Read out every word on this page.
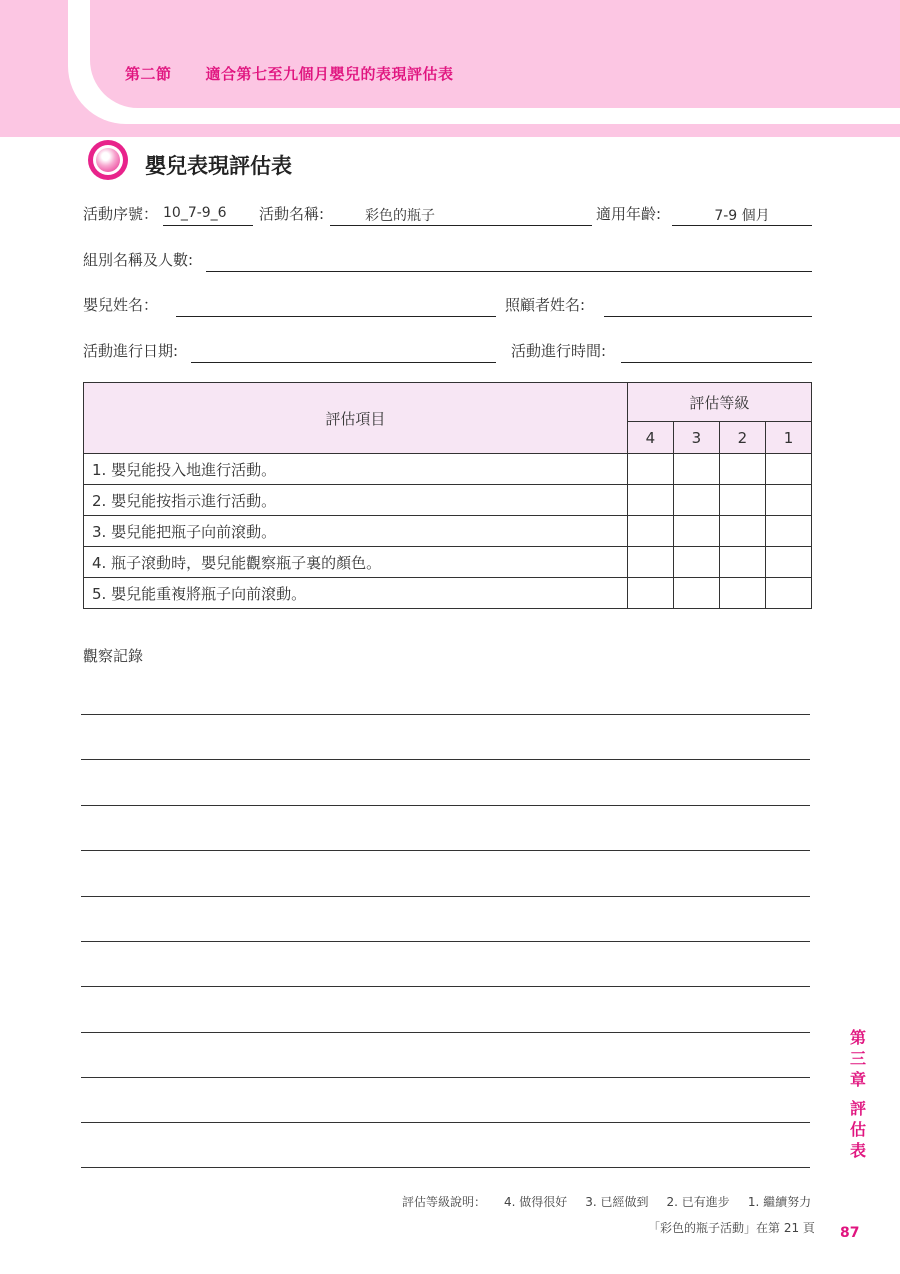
第二節 適合第七至九個月嬰兒的表現評估表
嬰兒表現評估表
活動序號： 10_7-9_6	活動名稱:	彩色的瓶子	適用年齡:	7-9 個月
組別名稱及人數:
嬰兒姓名：	照顧者姓名:
活動進行日期:	活動進行時間:
評估項目	評估等級			
	4	3	2	1
1. 嬰兒能投入地進行活動。				
2. 嬰兒能按指示進行活動。				
3. 嬰兒能把瓶子向前滾動。				
4. 瓶子滾動時，嬰兒能觀察瓶子裏的顏色。				
5. 嬰兒能重複將瓶子向前滾動。				
觀察記錄
第
三
章
評
估
表
評估等級說明： 4. 做得很好 3. 已經做到 2. 已有進步 1. 繼續努力
「彩色的瓶子活動」在第 21 頁 87
